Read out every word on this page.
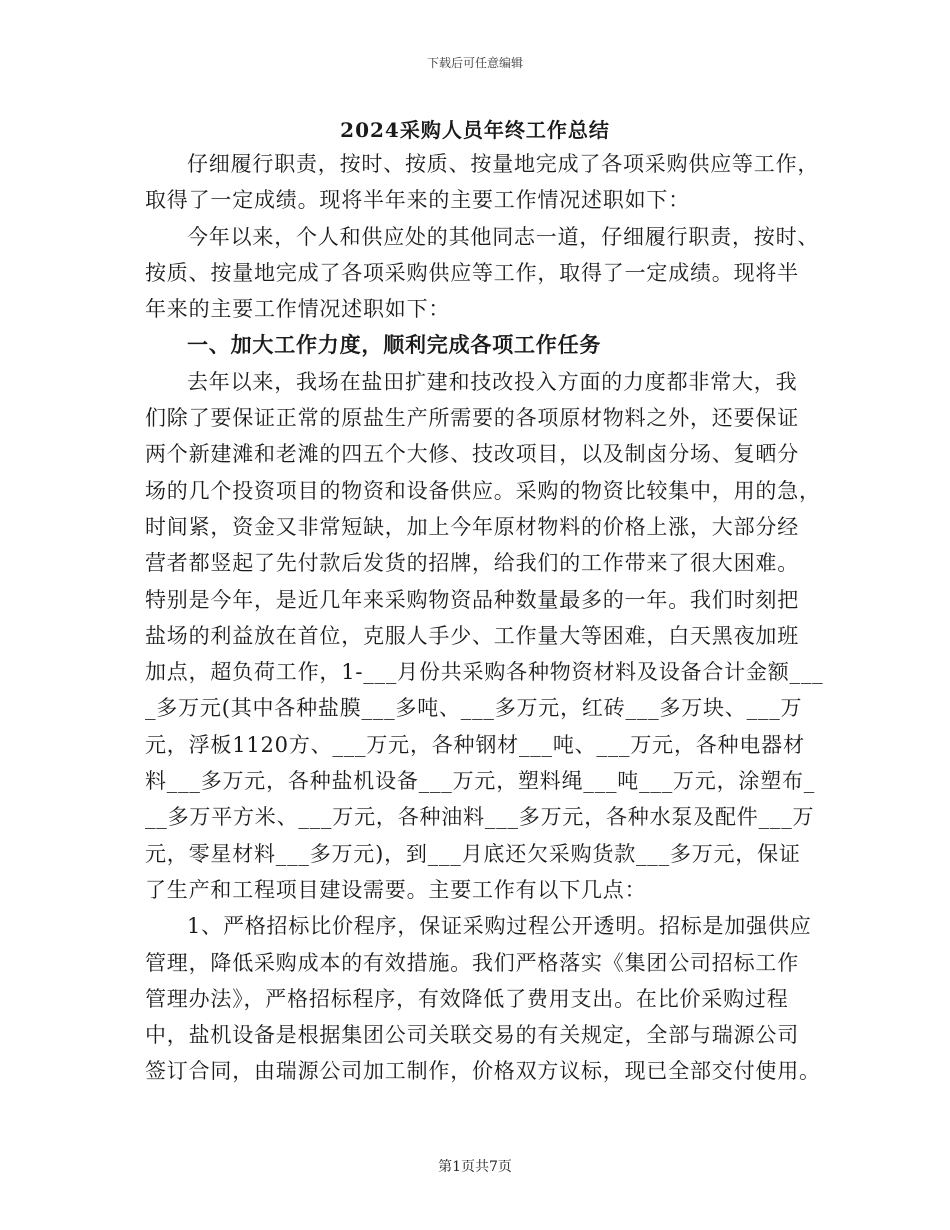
下载后可任意编辑
2024采购人员年终工作总结
仔细履行职责，按时、按质、按量地完成了各项采购供应等工作，
取得了一定成绩。现将半年来的主要工作情况述职如下：
今年以来，个人和供应处的其他同志一道，仔细履行职责，按时、
按质、按量地完成了各项采购供应等工作，取得了一定成绩。现将半
年来的主要工作情况述职如下：
一、加大工作力度，顺利完成各项工作任务
去年以来，我场在盐田扩建和技改投入方面的力度都非常大，我
们除了要保证正常的原盐生产所需要的各项原材物料之外，还要保证
两个新建滩和老滩的四五个大修、技改项目，以及制卤分场、复晒分
场的几个投资项目的物资和设备供应。采购的物资比较集中，用的急，
时间紧，资金又非常短缺，加上今年原材物料的价格上涨，大部分经
营者都竖起了先付款后发货的招牌，给我们的工作带来了很大困难。
特别是今年，是近几年来采购物资品种数量最多的一年。我们时刻把
盐场的利益放在首位，克服人手少、工作量大等困难，白天黑夜加班
加点，超负荷工作，1-___月份共采购各种物资材料及设备合计金额___
_多万元(其中各种盐膜___多吨、___多万元，红砖___多万块、___万
元，浮板1120方、___万元，各种钢材___吨、___万元，各种电器材
料___多万元，各种盐机设备___万元，塑料绳___吨___万元，涂塑布_
__多万平方米、___万元，各种油料___多万元，各种水泵及配件___万
元，零星材料___多万元)，到___月底还欠采购货款___多万元，保证
了生产和工程项目建设需要。主要工作有以下几点：
1、严格招标比价程序，保证采购过程公开透明。招标是加强供应
管理，降低采购成本的有效措施。我们严格落实《集团公司招标工作
管理办法》，严格招标程序，有效降低了费用支出。在比价采购过程
中，盐机设备是根据集团公司关联交易的有关规定，全部与瑞源公司
签订合同，由瑞源公司加工制作，价格双方议标，现已全部交付使用。
第1页共7页
